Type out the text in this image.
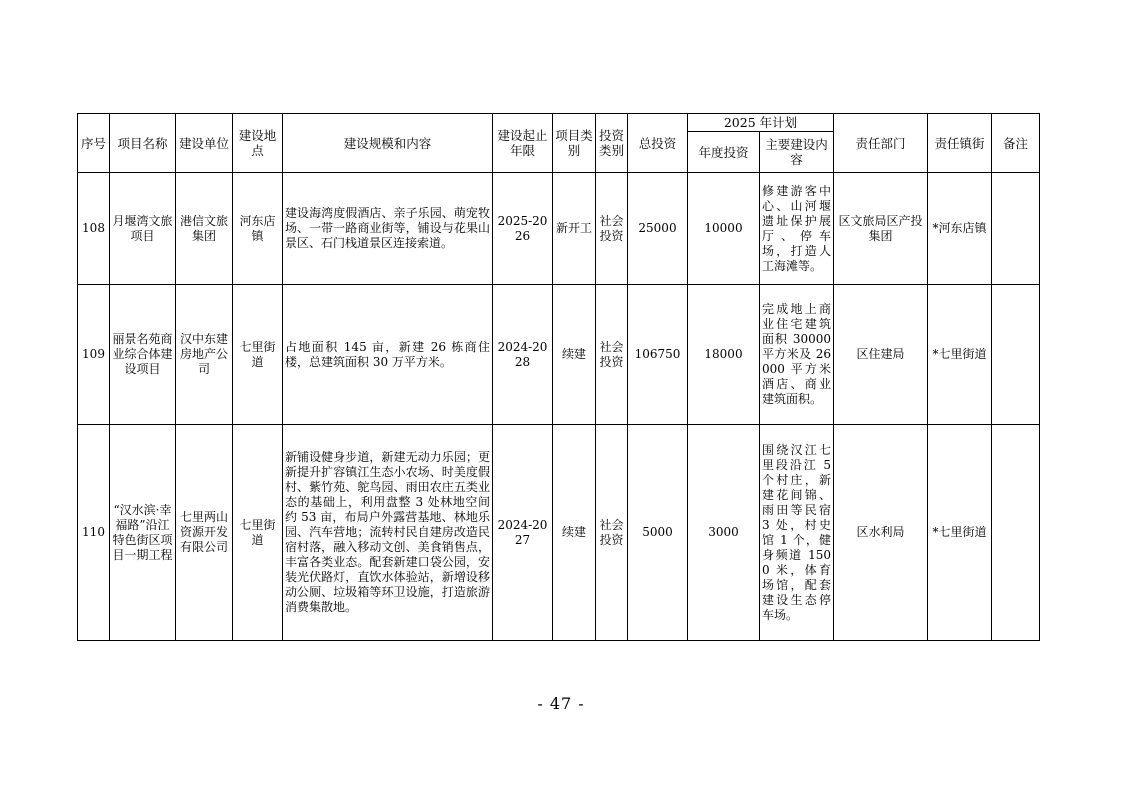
序号	项目名称	建设单位	建设地点	建设规模和内容	建设起止年限	项目类别	投资类别	总投资	2025 年计划		责任部门	责任镇街	备注
									年度投资	主要建设内容			
108	月堰湾文旅项目	港信文旅集团	河东店镇	建设海湾度假酒店、亲子乐园、萌宠牧场、一带一路商业街等，铺设与花果山景区、石门栈道景区连接索道。	2025-2026	新开工	社会投资	25000	10000	修建游客中心、山河堰遗址保护展厅、停车场，打造人工海滩等。	区文旅局区产投集团	*河东店镇	
109	丽景名苑商业综合体建设项目	汉中东建房地产公司	七里街道	占地面积 145 亩，新建 26 栋商住楼，总建筑面积 30 万平方米。	2024-2028	续建	社会投资	106750	18000	完成地上商业住宅建筑面积 30000 平方米及 26000 平方米酒店、商业建筑面积。	区住建局	*七里街道	
110	“汉水滨·幸福路”沿江特色街区项目一期工程	七里两山资源开发有限公司	七里街道	新铺设健身步道，新建无动力乐园；更新提升扩容镇江生态小农场、时美度假村、紫竹苑、鸵鸟园、雨田农庄五类业态的基础上，利用盘整 3 处林地空间约 53 亩，布局户外露营基地、林地乐园、汽车营地；流转村民自建房改造民宿村落，融入移动文创、美食销售点，丰富各类业态。配套新建口袋公园，安装光伏路灯，直饮水体验站，新增设移动公厕、垃圾箱等环卫设施，打造旅游消费集散地。	2024-2027	续建	社会投资	5000	3000	围绕汉江七里段沿江 5 个村庄，新建花间锦、雨田等民宿 3 处，村史馆 1 个，健身频道 1500 米，体育场馆，配套建设生态停车场。	区水利局	*七里街道	
- 47 -
